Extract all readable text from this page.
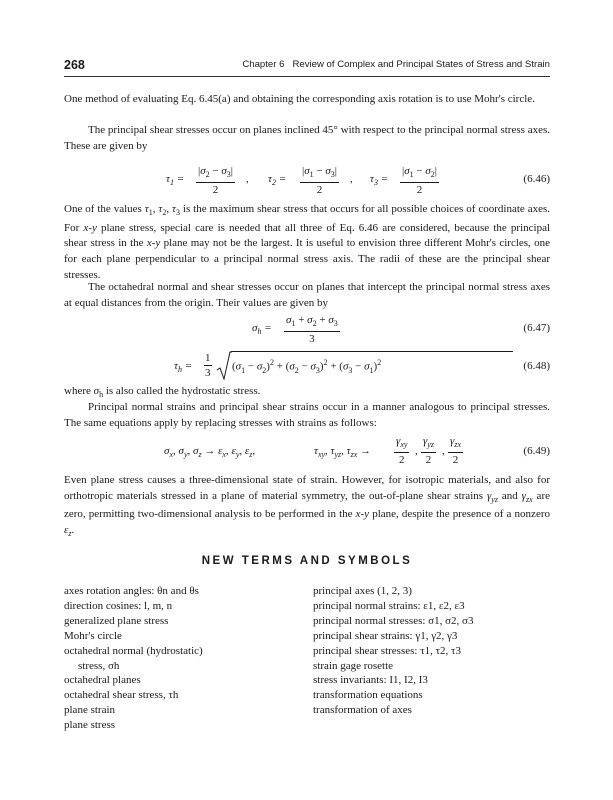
268	Chapter 6   Review of Complex and Principal States of Stress and Strain

One method of evaluating Eq. 6.45(a) and obtaining the corresponding axis rotation is to use Mohr's circle.

The principal shear stresses occur on planes inclined 45° with respect to the principal normal stress axes. These are given by

$\tau_1 = \frac{|\sigma_2 - \sigma_3|}{2}$ , $\tau_2 = \frac{|\sigma_1 - \sigma_3|}{2}$ , $\tau_3 = \frac{|\sigma_1 - \sigma_2|}{2}$	(6.46)

One of the values $\tau_1$, $\tau_2$, $\tau_3$ is the maximum shear stress that occurs for all possible choices of coordinate axes. For x-y plane stress, special care is needed that all three of Eq. 6.46 are considered, because the principal shear stress in the x-y plane may not be the largest. It is useful to envision three different Mohr's circles, one for each plane perpendicular to a principal normal stress axis. The radii of these are the principal shear stresses.

The octahedral normal and shear stresses occur on planes that intercept the principal normal stress axes at equal distances from the origin. Their values are given by

$\sigma_h = \frac{\sigma_1 + \sigma_2 + \sigma_3}{3}$	(6.47)
$\tau_h = \frac{1}{3} (\sigma_1 - \sigma_2)^2 + (\sigma_2 - \sigma_3)^2 + (\sigma_3 - \sigma_1)^2$	(6.48)

where $\sigma_h$ is also called the hydrostatic stress.

Principal normal strains and principal shear strains occur in a manner analogous to principal stresses. The same equations apply by replacing stresses with strains as follows:

$\sigma_x$, $\sigma_y$, $\sigma_z \to \varepsilon_x$, $\varepsilon_y$, $\varepsilon_z$,	$\tau_{xy}$, $\tau_{yz}$, $\tau_{zx}$ →
$\gamma_{xy}$
2
,
$\gamma_{yz}$
2
,
$\gamma_{zx}$
2
(6.49)

Even plane stress causes a three-dimensional state of strain. However, for isotropic materials, and also for orthotropic materials stressed in a plane of material symmetry, the out-of-plane shear strains $\gamma_{yz}$ and $\gamma_{zx}$ are zero, permitting two-dimensional analysis to be performed in the x-y plane, despite the presence of a nonzero $\varepsilon_z$.

NEW TERMS AND SYMBOLS
axes rotation angles: θn and θs
direction cosines: l, m, n
generalized plane stress
Mohr's circle
octahedral normal (hydrostatic)
stress, σh
octahedral planes
octahedral shear stress, τh
plane strain
plane stress
principal axes (1, 2, 3)
principal normal strains: ε1, ε2, ε3
principal normal stresses: σ1, σ2, σ3
principal shear strains: γ1, γ2, γ3
principal shear stresses: τ1, τ2, τ3
strain gage rosette
stress invariants: I1, I2, I3
transformation equations
transformation of axes
